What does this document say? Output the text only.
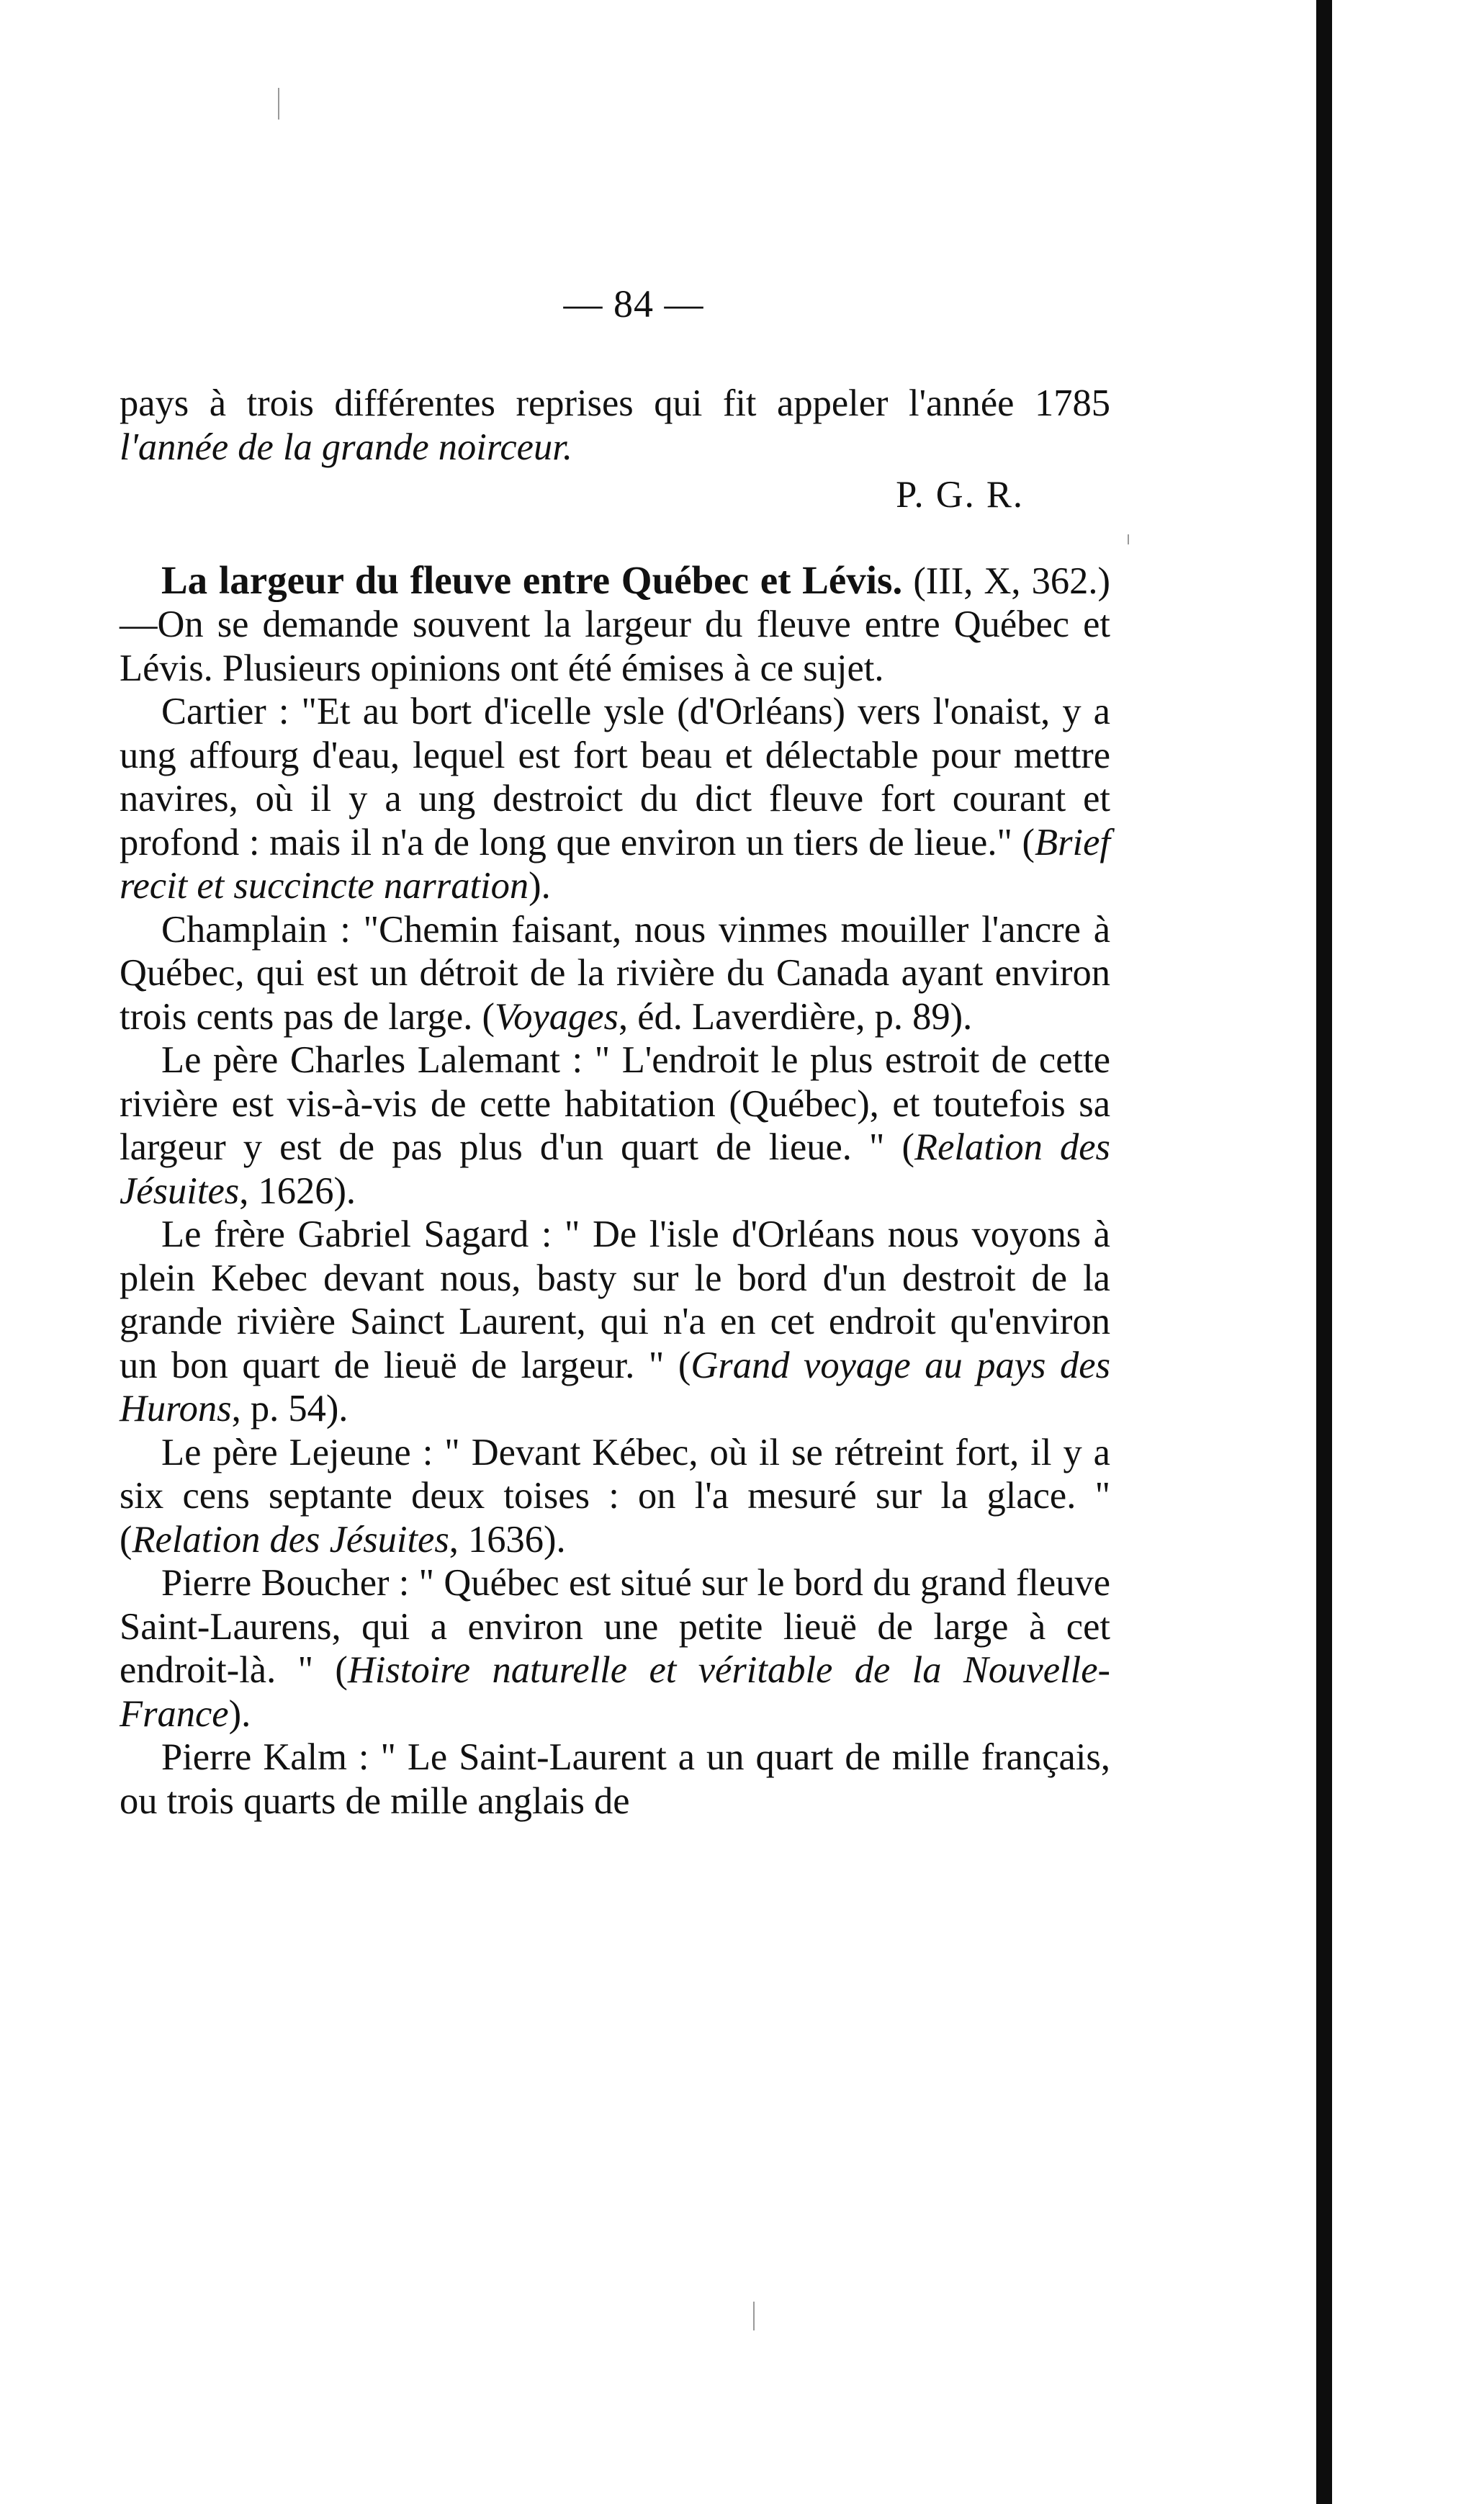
— 84 —

pays à trois différentes reprises qui fit appeler l'année 1785 l'année de la grande noirceur.

P. G. R.

La largeur du fleuve entre Québec et Lévis. (III, X, 362.)—On se demande souvent la largeur du fleuve entre Québec et Lévis. Plusieurs opinions ont été émises à ce sujet.

Cartier : "Et au bort d'icelle ysle (d'Orléans) vers l'onaist, y a ung affourg d'eau, lequel est fort beau et délectable pour mettre navires, où il y a ung destroict du dict fleuve fort courant et profond : mais il n'a de long que environ un tiers de lieue." (Brief recit et succincte narration).

Champlain : "Chemin faisant, nous vinmes mouiller l'ancre à Québec, qui est un détroit de la rivière du Canada ayant environ trois cents pas de large. (Voyages, éd. Laverdière, p. 89).

Le père Charles Lalemant : " L'endroit le plus estroit de cette rivière est vis-à-vis de cette habitation (Québec), et toutefois sa largeur y est de pas plus d'un quart de lieue. " (Relation des Jésuites, 1626).

Le frère Gabriel Sagard : " De l'isle d'Orléans nous voyons à plein Kebec devant nous, basty sur le bord d'un destroit de la grande rivière Sainct Laurent, qui n'a en cet endroit qu'environ un bon quart de lieuë de largeur. " (Grand voyage au pays des Hurons, p. 54).

Le père Lejeune : " Devant Kébec, où il se rétreint fort, il y a six cens septante deux toises : on l'a mesuré sur la glace. " (Relation des Jésuites, 1636).

Pierre Boucher : " Québec est situé sur le bord du grand fleuve Saint-Laurens, qui a environ une petite lieuë de large à cet endroit-là. " (Histoire naturelle et véritable de la Nouvelle-France).

Pierre Kalm : " Le Saint-Laurent a un quart de mille français, ou trois quarts de mille anglais de
